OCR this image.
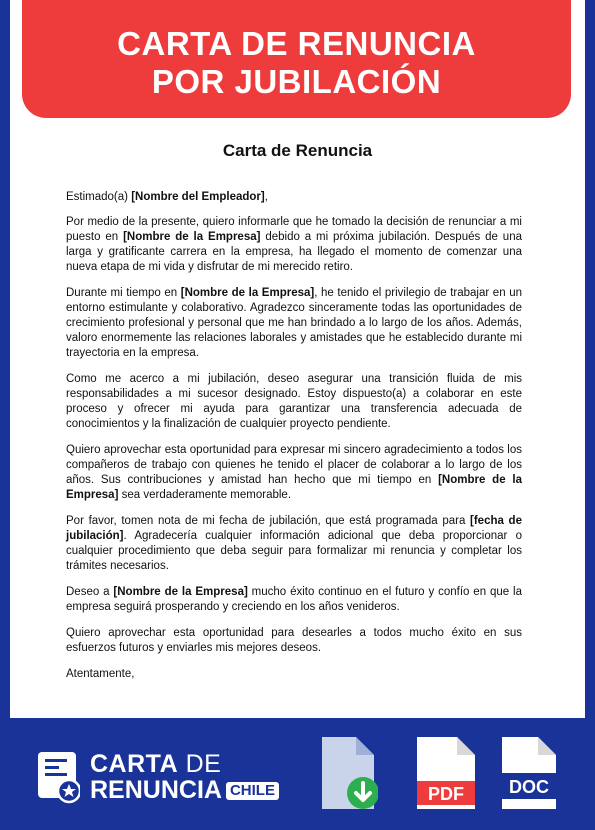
CARTA DE RENUNCIA
POR JUBILACIÓN
Carta de Renuncia

Estimado(a) [Nombre del Empleador],

Por medio de la presente, quiero informarle que he tomado la decisión de renunciar a mi puesto en [Nombre de la Empresa] debido a mi próxima jubilación. Después de una larga y gratificante carrera en la empresa, ha llegado el momento de comenzar una nueva etapa de mi vida y disfrutar de mi merecido retiro.

Durante mi tiempo en [Nombre de la Empresa], he tenido el privilegio de trabajar en un entorno estimulante y colaborativo. Agradezco sinceramente todas las oportunidades de crecimiento profesional y personal que me han brindado a lo largo de los años. Además, valoro enormemente las relaciones laborales y amistades que he establecido durante mi trayectoria en la empresa.

Como me acerco a mi jubilación, deseo asegurar una transición fluida de mis responsabilidades a mi sucesor designado. Estoy dispuesto(a) a colaborar en este proceso y ofrecer mi ayuda para garantizar una transferencia adecuada de conocimientos y la finalización de cualquier proyecto pendiente.

Quiero aprovechar esta oportunidad para expresar mi sincero agradecimiento a todos los compañeros de trabajo con quienes he tenido el placer de colaborar a lo largo de los años. Sus contribuciones y amistad han hecho que mi tiempo en [Nombre de la Empresa] sea verdaderamente memorable.

Por favor, tomen nota de mi fecha de jubilación, que está programada para [fecha de jubilación]. Agradecería cualquier información adicional que deba proporcionar o cualquier procedimiento que deba seguir para formalizar mi renuncia y completar los trámites necesarios.

Deseo a [Nombre de la Empresa] mucho éxito continuo en el futuro y confío en que la empresa seguirá prosperando y creciendo en los años venideros.

Quiero aprovechar esta oportunidad para desearles a todos mucho éxito en sus esfuerzos futuros y enviarles mis mejores deseos.

Atentamente,

CARTA DE
RENUNCIA CHILE	PDF	DOC
